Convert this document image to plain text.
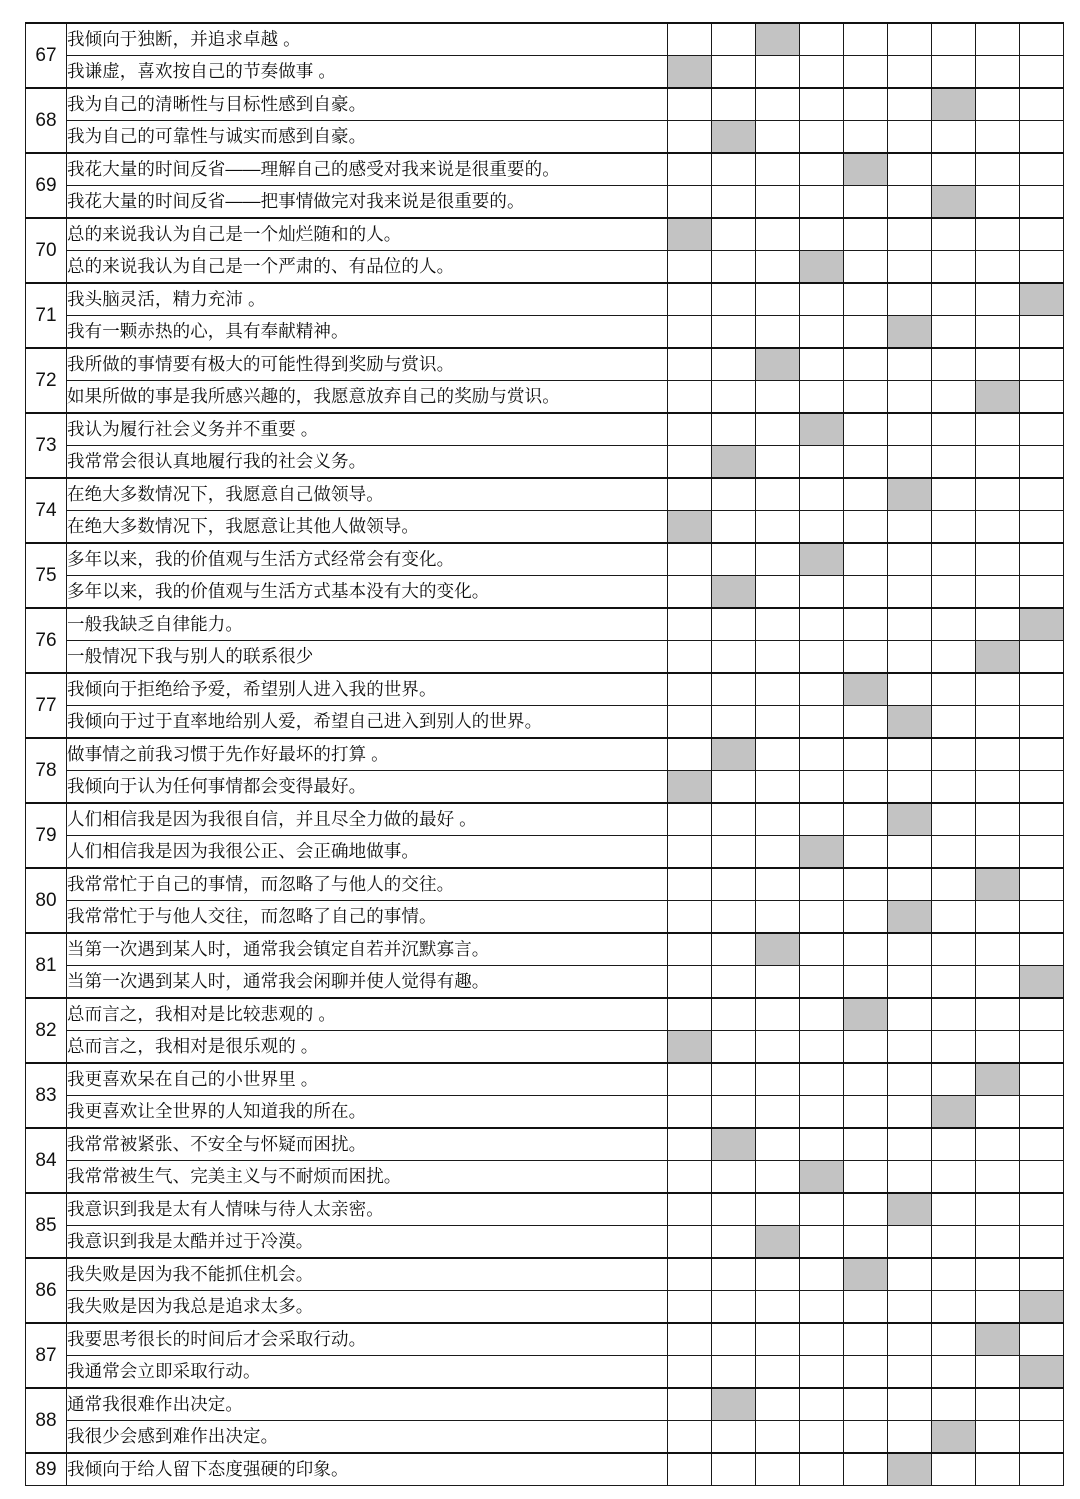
67	我倾向于独断，并追求卓越 。									
	我谦虚，喜欢按自己的节奏做事 。									
68	我为自己的清晰性与目标性感到自豪。									
	我为自己的可靠性与诚实而感到自豪。									
69	我花大量的时间反省——理解自己的感受对我来说是很重要的。									
	我花大量的时间反省——把事情做完对我来说是很重要的。									
70	总的来说我认为自己是一个灿烂随和的人。									
	总的来说我认为自己是一个严肃的、有品位的人。									
71	我头脑灵活，精力充沛 。									
	我有一颗赤热的心，具有奉献精神。									
72	我所做的事情要有极大的可能性得到奖励与赏识。									
	如果所做的事是我所感兴趣的，我愿意放弃自己的奖励与赏识。									
73	我认为履行社会义务并不重要 。									
	我常常会很认真地履行我的社会义务。									
74	在绝大多数情况下，我愿意自己做领导。									
	在绝大多数情况下，我愿意让其他人做领导。									
75	多年以来，我的价值观与生活方式经常会有变化。									
	多年以来，我的价值观与生活方式基本没有大的变化。									
76	一般我缺乏自律能力。									
	一般情况下我与别人的联系很少									
77	我倾向于拒绝给予爱，希望别人进入我的世界。									
	我倾向于过于直率地给别人爱，希望自己进入到别人的世界。									
78	做事情之前我习惯于先作好最坏的打算 。									
	我倾向于认为任何事情都会变得最好。									
79	人们相信我是因为我很自信，并且尽全力做的最好 。									
	人们相信我是因为我很公正、会正确地做事。									
80	我常常忙于自己的事情，而忽略了与他人的交往。									
	我常常忙于与他人交往，而忽略了自己的事情。									
81	当第一次遇到某人时，通常我会镇定自若并沉默寡言。									
	当第一次遇到某人时，通常我会闲聊并使人觉得有趣。									
82	总而言之，我相对是比较悲观的 。									
	总而言之，我相对是很乐观的 。									
83	我更喜欢呆在自己的小世界里 。									
	我更喜欢让全世界的人知道我的所在。									
84	我常常被紧张、不安全与怀疑而困扰。									
	我常常被生气、完美主义与不耐烦而困扰。									
85	我意识到我是太有人情味与待人太亲密。									
	我意识到我是太酷并过于冷漠。									
86	我失败是因为我不能抓住机会。									
	我失败是因为我总是追求太多。									
87	我要思考很长的时间后才会采取行动。									
	我通常会立即采取行动。									
88	通常我很难作出决定。									
	我很少会感到难作出决定。									
89	我倾向于给人留下态度强硬的印象。									
